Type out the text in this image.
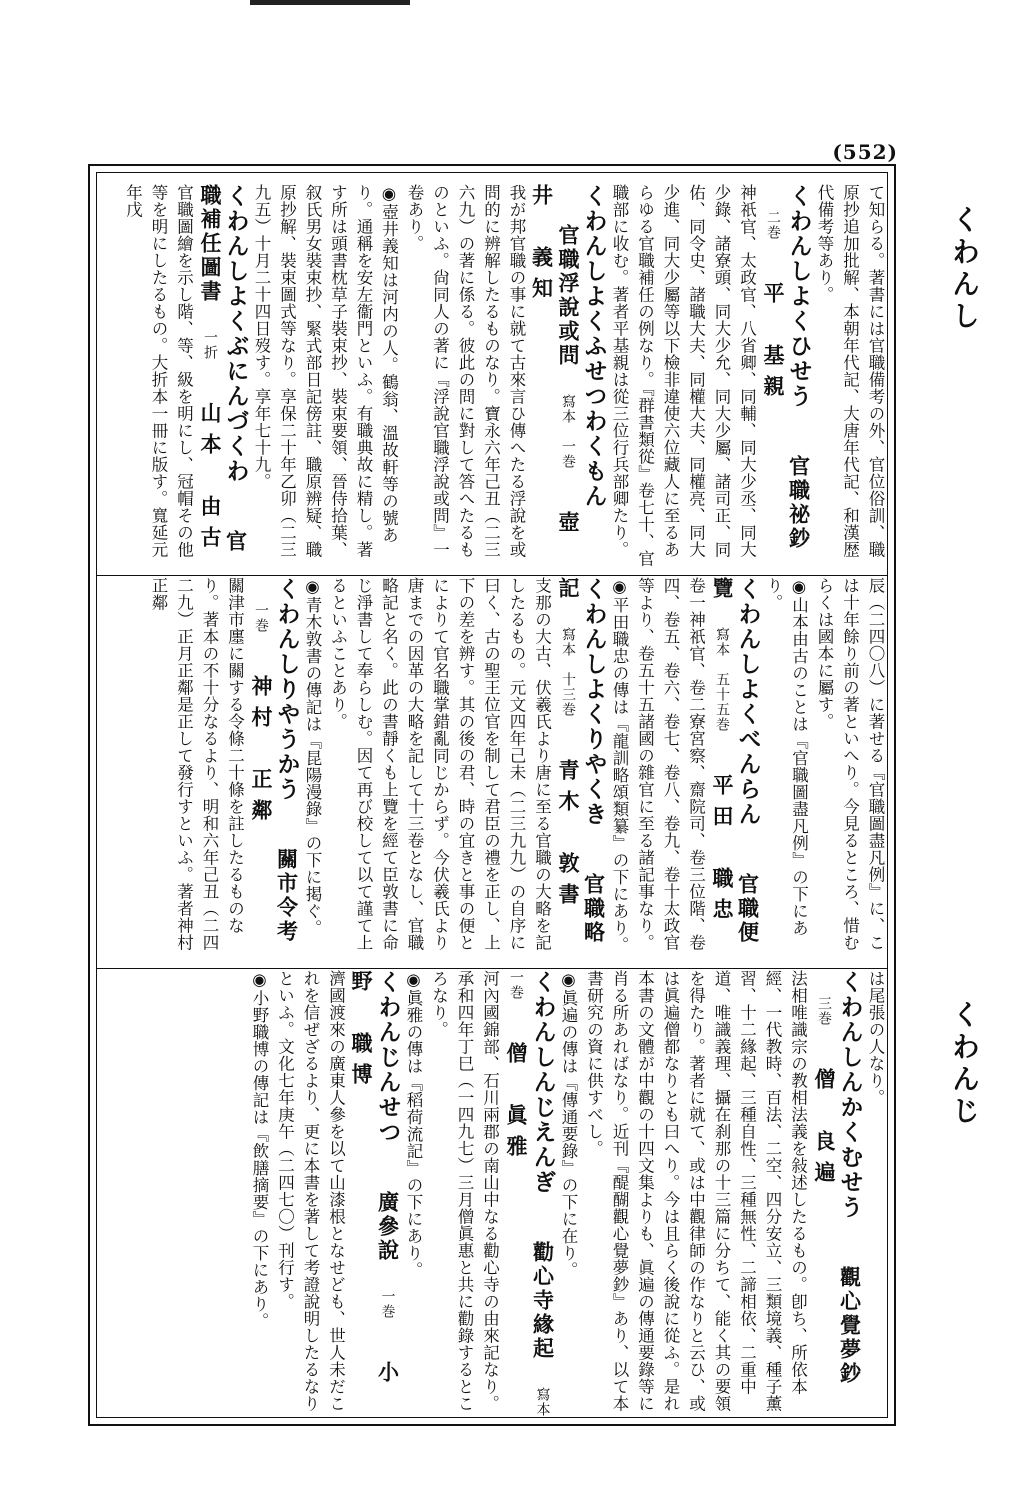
(552)
くわんし
くわんじ
て知らる。著書には官職備考の外、官位俗訓、職原抄追加批解、本朝年代記、大唐年代記、和漢歴代備考等あり。
くわんしよくひせう 官職祕鈔二巻平　基親
神祇官、太政官、八省卿、同輔、同大少丞、同大少錄、諸寮頭、同大少允、同大少屬、諸司正、同佑、同令史、諸職大夫、同權大夫、同權亮、同大少進、同大少屬等以下檢非違使六位藏人に至るあらゆる官職補任の例なり。『群書類從』卷七十、官職部に收む。著者平基親は從三位行兵部卿たり。
くわんしよくふせつわくもん 官職浮說或問寫本　一巻壺井　義知
我が邦官職の事に就て古來言ひ傳へたる浮說を或問的に辨解したるものなり。寶永六年己丑（二三六九）の著に係る。彼此の問に對して答へたるものといふ。尙同人の著に『浮說官職浮說或問』一卷あり。
◉壺井義知は河内の人。鶴翁、溫故軒等の號あり。通稱を安左衞門といふ。有職典故に精し。著す所は頭書枕草子裝束抄、裝束要領、晉侍拾葉、叙氏男女裝束抄、緊式部日記傍註、職原辨疑、職原抄解、裝束圖式等なり。享保二十年乙卯（二三九五）十月二十四日歿す。享年七十九。
くわんしよくぶにんづくわ 官職補任圖書一折山本　由古
官職圖繪を示し階、等、級を明にし、冠帽その他等を明にしたるもの。大折本一冊に版す。寬延元年戊
辰（二四〇八）に著せる『官職圖盡凡例』に、こは十年餘り前の著といへり。今見るところ、惜むらくは國本に屬す。
◉山本由古のことは『官職圖盡凡例』の下にあり。
くわんしよくべんらん 官職便覽寫本　五十五巻平田　職忠
卷一神祇官、卷二寮宮察、齋院司、卷三位階、卷四、卷五、卷六、卷七、卷八、卷九、卷十太政官等より、卷五十五諸國の雜官に至る諸記事なり。
◉平田職忠の傳は『龍訓略頌類纂』の下にあり。
くわんしよくりやくき 官職略記寫本　十三巻青木　敦書
支那の大古、伏羲氏より唐に至る官職の大略を記したるもの。元文四年己未（二三九九）の自序に曰く、古の聖王位官を制して君臣の禮を正し、上下の差を辨す。其の後の君、時の宜きと事の便とによりて官名職掌錯亂同じからず。今伏羲氏より唐までの因革の大略を記して十三卷となし、官職略記と名く。此の書靜くも上覽を經て臣敦書に命じ淨書して奉らしむ。因て再び校して以て謹て上るといふことあり。
◉青木敦書の傳記は『昆陽漫錄』の下に掲ぐ。
くわんしりやうかう 關市令考一巻神村　正鄰
關津市廛に關する令條二十條を註したるものなり。著本の不十分なるより、明和六年己丑（二四二九）正月正鄰是正して發行すといふ。著者神村正鄰
は尾張の人なり。
くわんしんかくむせう 觀心覺夢鈔三巻僧　良遍
法相唯識宗の教相法義を敍述したるもの。卽ち、所依本經、一代教時、百法、二空、四分安立、三類境義、種子薰習、十二緣起、三種自性、三種無性、二諦相依、二重中道、唯識義理、攝在刹那の十三篇に分ちて、能く其の要領を得たり。著者に就て、或は中觀律師の作なりと云ひ、或は眞遍僧都なりとも曰へり。今は且らく後說に從ふ。是れ本書の文體が中觀の十四文集よりも、眞遍の傳通要錄等に肖る所あればなり。近刊『醍醐觀心覺夢鈔』あり、以て本書研究の資に供すべし。
◉眞遍の傳は『傳通要錄』の下に在り。
くわんしんじえんぎ 勸心寺緣起寫本　一巻僧　眞雅
河內國錦部、石川兩郡の南山中なる勸心寺の由來記なり。承和四年丁巳（一四九七）三月僧眞惠と共に勸錄するところなり。
◉眞雅の傳は『稻荷流記』の下にあり。
くわんじんせつ 廣參說一巻小野　職博
濟國渡來の廣東人參を以て山漆根となせども、世人未だこれを信ぜざるより、更に本書を著して考證說明したるなりといふ。文化七年庚午（二四七〇）刊行す。
◉小野職博の傳記は『飲膳摘要』の下にあり。
